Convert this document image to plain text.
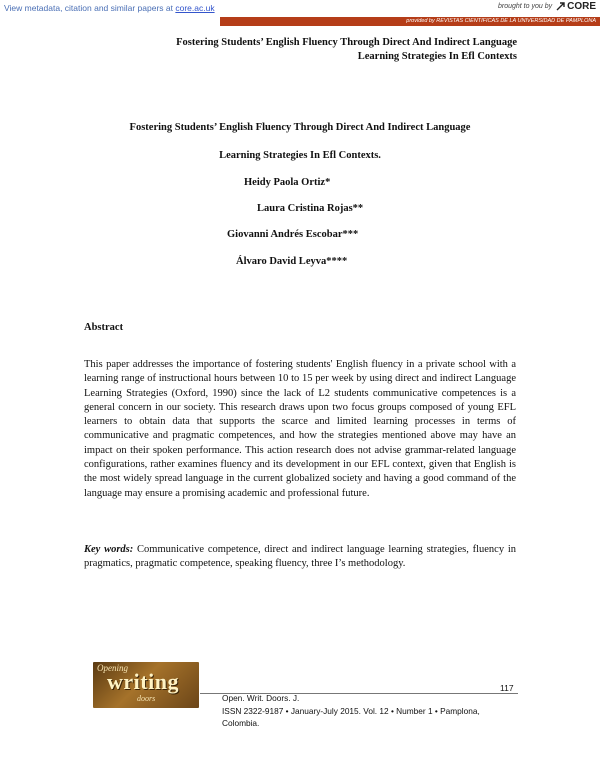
View metadata, citation and similar papers at core.ac.uk	brought to you by CORE
provided by REVISTAS CIENTIFICAS DE LA UNIVERSIDAD DE PAMPLONA
Fostering Students’ English Fluency Through Direct And Indirect Language
Learning Strategies In Efl Contexts
Fostering Students’ English Fluency Through Direct And Indirect Language
Learning Strategies In Efl Contexts.
Heidy Paola Ortiz*
Laura Cristina Rojas**
Giovanni Andrés Escobar***
Álvaro David Leyva****
Abstract
This paper addresses the importance of fostering students' English fluency in a private school with a learning range of instructional hours between 10 to 15 per week by using direct and indirect Language Learning Strategies (Oxford, 1990) since the lack of L2 students communicative competences is a general concern in our society. This research draws upon two focus groups composed of young EFL learners to obtain data that supports the scarce and limited learning processes in terms of communicative and pragmatic competences, and how the strategies mentioned above may have an impact on their spoken performance. This action research does not advise grammar-related language configurations, rather examines fluency and its development in our EFL context, given that English is the most widely spread language in the current globalized society and having a good command of the language may ensure a promising academic and professional future.
Key words: Communicative competence, direct and indirect language learning strategies, fluency in pragmatics, pragmatic competence, speaking fluency, three I’s methodology.
Opening
writing
doors
117
Open. Writ. Doors. J.
ISSN 2322-9187 • January-July 2015. Vol. 12 • Number 1 • Pamplona,
Colombia.
